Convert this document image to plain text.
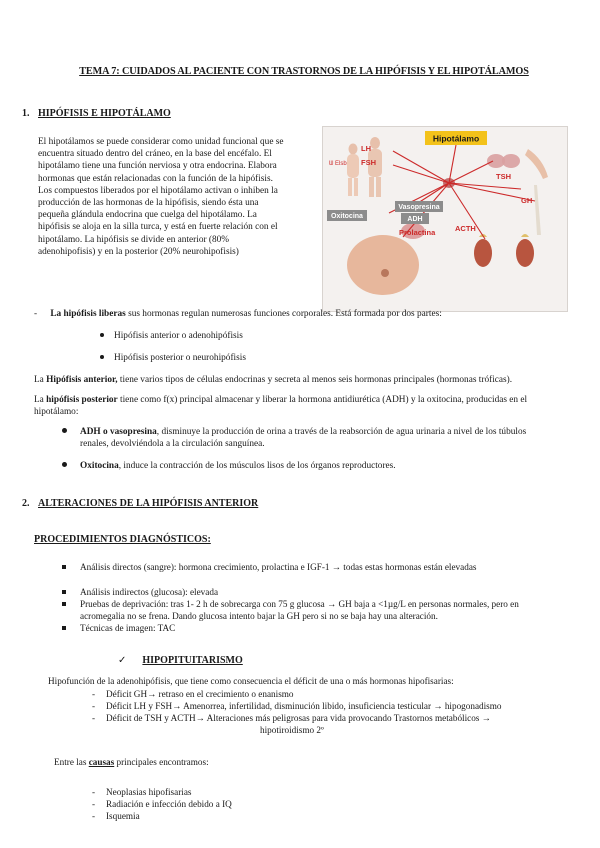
TEMA 7: CUIDADOS AL PACIENTE CON TRASTORNOS DE LA HIPÓFISIS Y EL HIPOTÁLAMOS
1. HIPÓFISIS E HIPOTÁLAMO
El hipotálamos se puede considerar como unidad funcional que se
encuentra situado dentro del cráneo, en la base del encéfalo. El
hipotálamo tiene una función nerviosa y otra endocrina. Elabora
hormonas que están relacionadas con la función de la hipófisis.
Los compuestos liberados por el hipotálamo activan o inhiben la
producción de las hormonas de la hipófisis, siendo ésta una
pequeña glándula endocrina que cuelga del hipotálamo. La
hipófisis se aloja en la silla turca, y está en fuerte relación con el
hipotálamo. La hipófisis se divide en anterior (80%
adenohipofisis) y en la posterior (20% neurohipofisis)
Hipotálamo
ᗯ Elsb
LH
FSH
TSH
GH
ACTH
Vasopresina
ADH
Oxitocina
Prolactina
- La hipófisis liberas sus hormonas regulan numerosas funciones corporales. Está formada por dos partes:
Hipófisis anterior o adenohipófisis
Hipófisis posterior o neurohipófisis
La Hipófisis anterior, tiene varios tipos de células endocrinas y secreta al menos seis hormonas principales (hormonas tróficas).
La hipófisis posterior tiene como f(x) principal almacenar y liberar la hormona antidiurética (ADH) y la oxitocina, producidas en el
hipotálamo:
ADH o vasopresina, disminuye la producción de orina a través de la reabsorción de agua urinaria a nivel de los túbulos
renales, devolviéndola a la circulación sanguínea.
Oxitocina, induce la contracción de los músculos lisos de los órganos reproductores.
2. ALTERACIONES DE LA HIPÓFISIS ANTERIOR
PROCEDIMIENTOS DIAGNÓSTICOS:
Análisis directos (sangre): hormona crecimiento, prolactina e IGF-1 → todas estas hormonas están elevadas
Análisis indirectos (glucosa): elevada
Pruebas de deprivación: tras 1- 2 h de sobrecarga con 75 g glucosa → GH baja a <1µg/L en personas normales, pero en
acromegalia no se frena. Dando glucosa intento bajar la GH pero si no se baja hay una alteración.
Técnicas de imagen: TAC
✓ HIPOPITUITARISMO
Hipofunción de la adenohipófisis, que tiene como consecuencia el déficit de una o más hormonas hipofisarias:
- Déficit GH→ retraso en el crecimiento o enanismo
- Déficit LH y FSH→ Amenorrea, infertilidad, disminución libido, insuficiencia testicular → hipogonadismo
- Déficit de TSH y ACTH→ Alteraciones más peligrosas para vida provocando Trastornos metabólicos →
hipotiroidismo 2º
Entre las causas principales encontramos:
- Neoplasias hipofisarias
- Radiación e infección debido a IQ
- Isquemia
